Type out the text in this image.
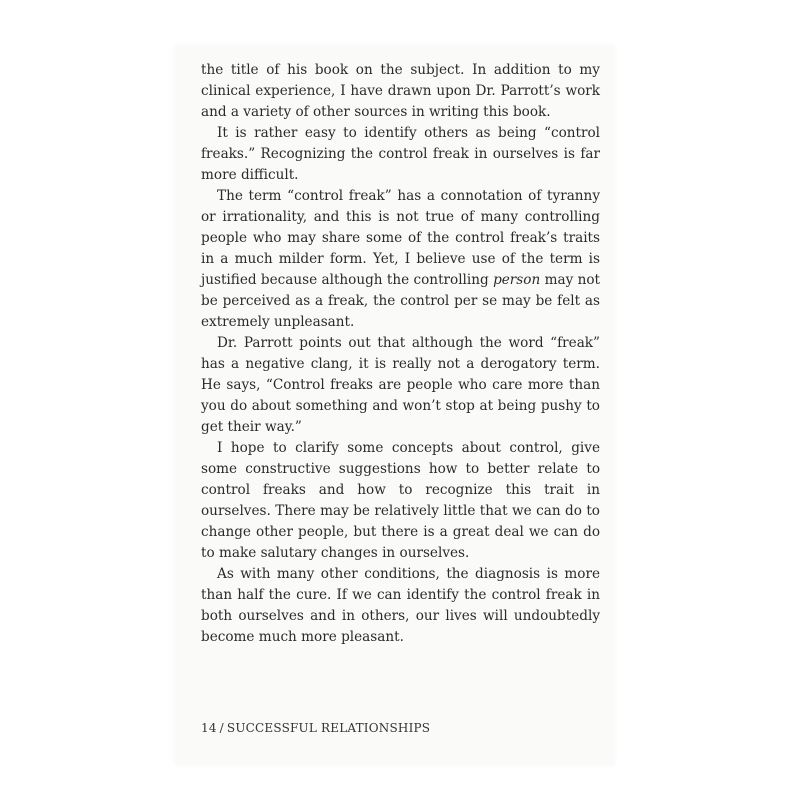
the title of his book on the subject. In addition to my clinical experience, I have drawn upon Dr. Parrott’s work and a variety of other sources in writing this book.

It is rather easy to identify others as being “control freaks.” Recognizing the control freak in ourselves is far more difficult.

The term “control freak” has a connotation of tyranny or irrationality, and this is not true of many controlling people who may share some of the control freak’s traits in a much milder form. Yet, I believe use of the term is justified because although the controlling person may not be perceived as a freak, the control per se may be felt as extremely unpleasant.

Dr. Parrott points out that although the word “freak” has a negative clang, it is really not a derogatory term. He says, “Control freaks are people who care more than you do about something and won’t stop at being pushy to get their way.”

I hope to clarify some concepts about control, give some constructive suggestions how to better relate to control freaks and how to recognize this trait in ourselves. There may be relatively little that we can do to change other people, but there is a great deal we can do to make salutary changes in ourselves.

As with many other conditions, the diagnosis is more than half the cure. If we can identify the control freak in both ourselves and in others, our lives will undoubtedly become much more pleasant.

14 / SUCCESSFUL RELATIONSHIPS
